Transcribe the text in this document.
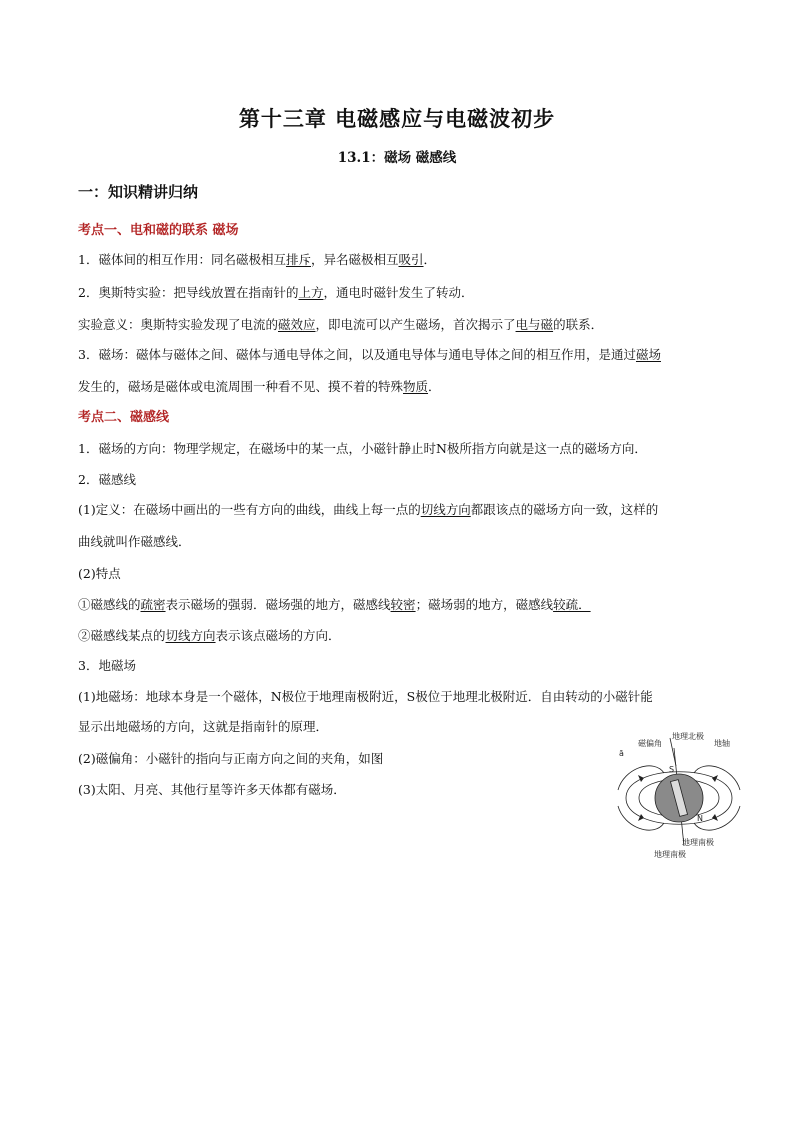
第十三章 电磁感应与电磁波初步
13.1：磁场 磁感线
一：知识精讲归纳
考点一、电和磁的联系 磁场
1．磁体间的相互作用：同名磁极相互排斥，异名磁极相互吸引．
2．奥斯特实验：把导线放置在指南针的上方，通电时磁针发生了转动．
实验意义：奥斯特实验发现了电流的磁效应，即电流可以产生磁场，首次揭示了电与磁的联系．
3．磁场：磁体与磁体之间、磁体与通电导体之间，以及通电导体与通电导体之间的相互作用，是通过磁场
发生的，磁场是磁体或电流周围一种看不见、摸不着的特殊物质．
考点二、磁感线
1．磁场的方向：物理学规定，在磁场中的某一点，小磁针静止时N极所指方向就是这一点的磁场方向．
2．磁感线
(1)定义：在磁场中画出的一些有方向的曲线，曲线上每一点的切线方向都跟该点的磁场方向一致，这样的
曲线就叫作磁感线．
(2)特点
①磁感线的疏密表示磁场的强弱．磁场强的地方，磁感线较密；磁场弱的地方，磁感线较疏．
②磁感线某点的切线方向表示该点磁场的方向．
3．地磁场
(1)地磁场：地球本身是一个磁体，N极位于地理南极附近，S极位于地理北极附近．自由转动的小磁针能
显示出地磁场的方向，这就是指南针的原理．
(2)磁偏角：小磁针的指向与正南方向之间的夹角，如图
(3)太阳、月亮、其他行星等许多天体都有磁场．
磁偏角
地理北极
地轴
ā
S
N
地理南极
地理南极
